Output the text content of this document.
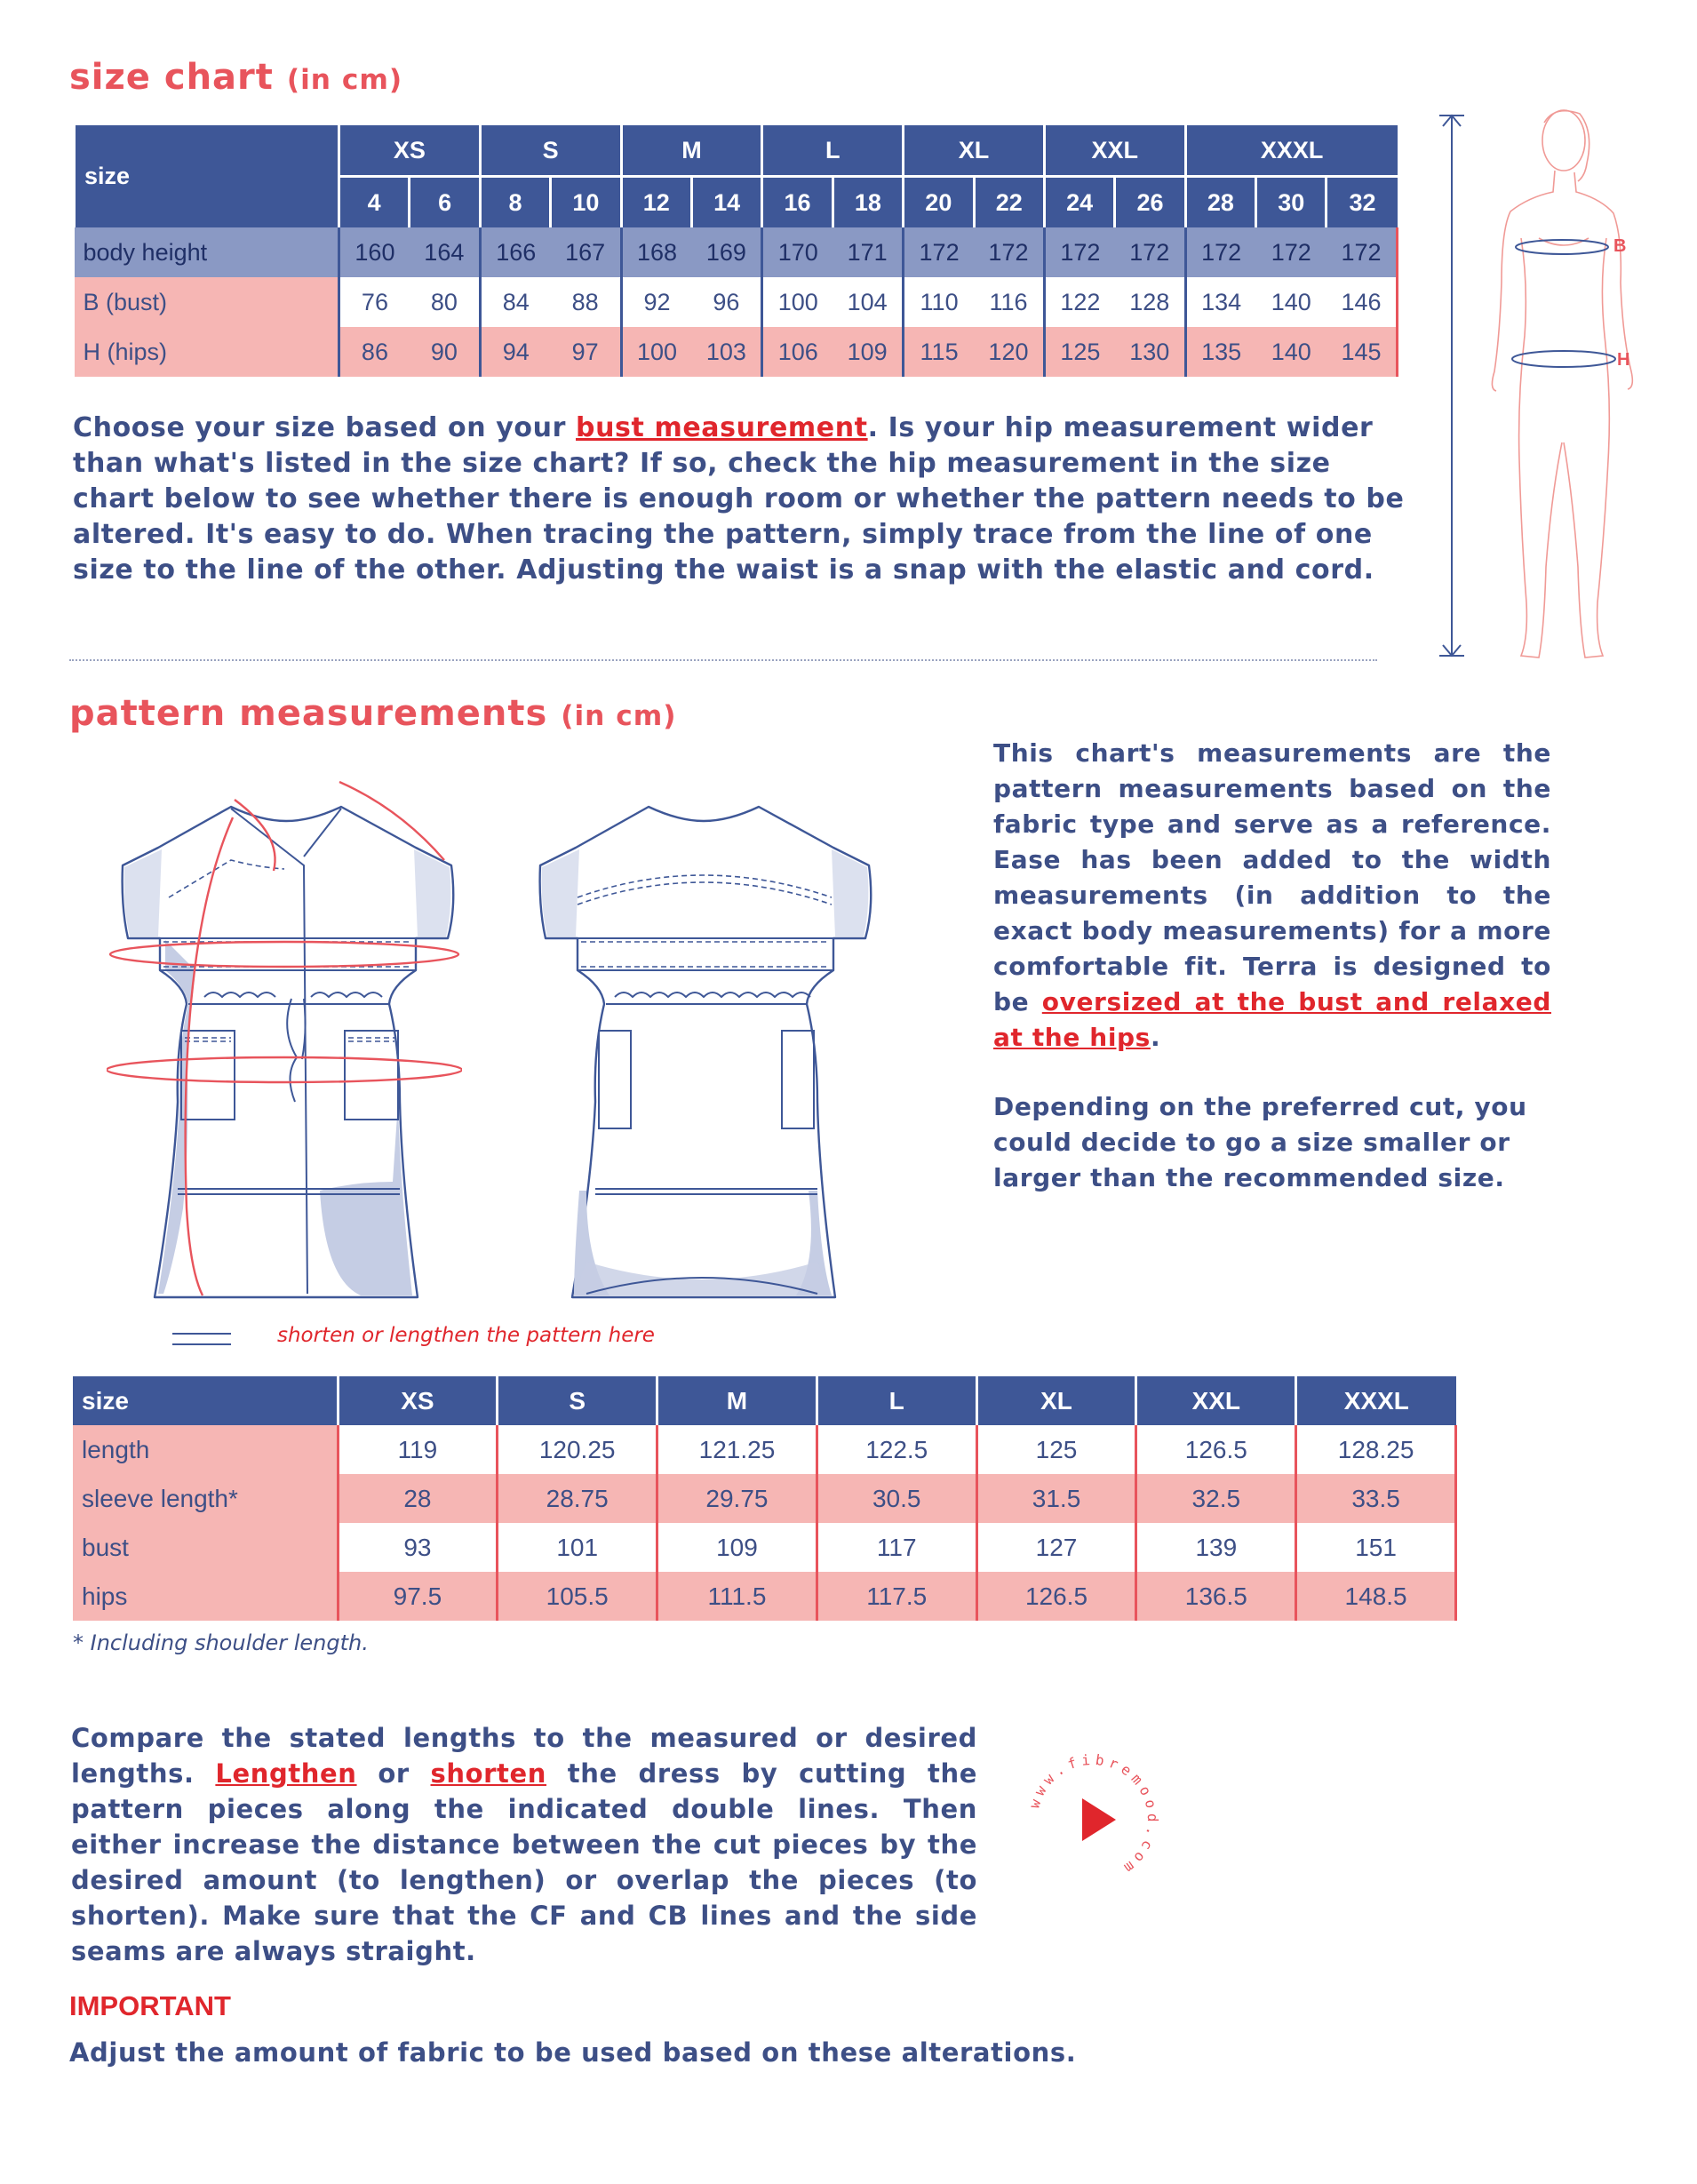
size chart (in cm)
size	XS		S		M		L		XL		XXL		XXXL		
	4	6	8	10	12	14	16	18	20	22	24	26	28	30	32
body height	160	164	166	167	168	169	170	171	172	172	172	172	172	172	172
B (bust)	76	80	84	88	92	96	100	104	110	116	122	128	134	140	146
H (hips)	86	90	94	97	100	103	106	109	115	120	125	130	135	140	145
B
H
Choose your size based on your bust measurement. Is your hip measurement wider than what's listed in the size chart? If so, check the hip measurement in the size chart below to see whether there is enough room or whether the pattern needs to be altered. It's easy to do. When tracing the pattern, simply trace from the line of one size to the line of the other. Adjusting the waist is a snap with the elastic and cord.
pattern measurements (in cm)
shorten or lengthen the pattern here
This chart's measurements are the pattern measurements based on the fabric type and serve as a reference. Ease has been added to the width measurements (in addition to the exact body measurements) for a more comfortable fit. Terra is designed to be oversized at the bust and relaxed at the hips.
Depending on the preferred cut, you could decide to go a size smaller or larger than the recommended size.
size	XS	S	M	L	XL	XXL	XXXL
length	119	120.25	121.25	122.5	125	126.5	128.25
sleeve length*	28	28.75	29.75	30.5	31.5	32.5	33.5
bust	93	101	109	117	127	139	151
hips	97.5	105.5	111.5	117.5	126.5	136.5	148.5
* Including shoulder length.
Compare the stated lengths to the measured or desired lengths. Lengthen or shorten the dress by cutting the pattern pieces along the indicated double lines. Then either increase the distance between the cut pieces by the desired amount (to lengthen) or overlap the pieces (to shorten). Make sure that the CF and CB lines and the side seams are always straight.
www.fibremood.com
IMPORTANT
Adjust the amount of fabric to be used based on these alterations.
